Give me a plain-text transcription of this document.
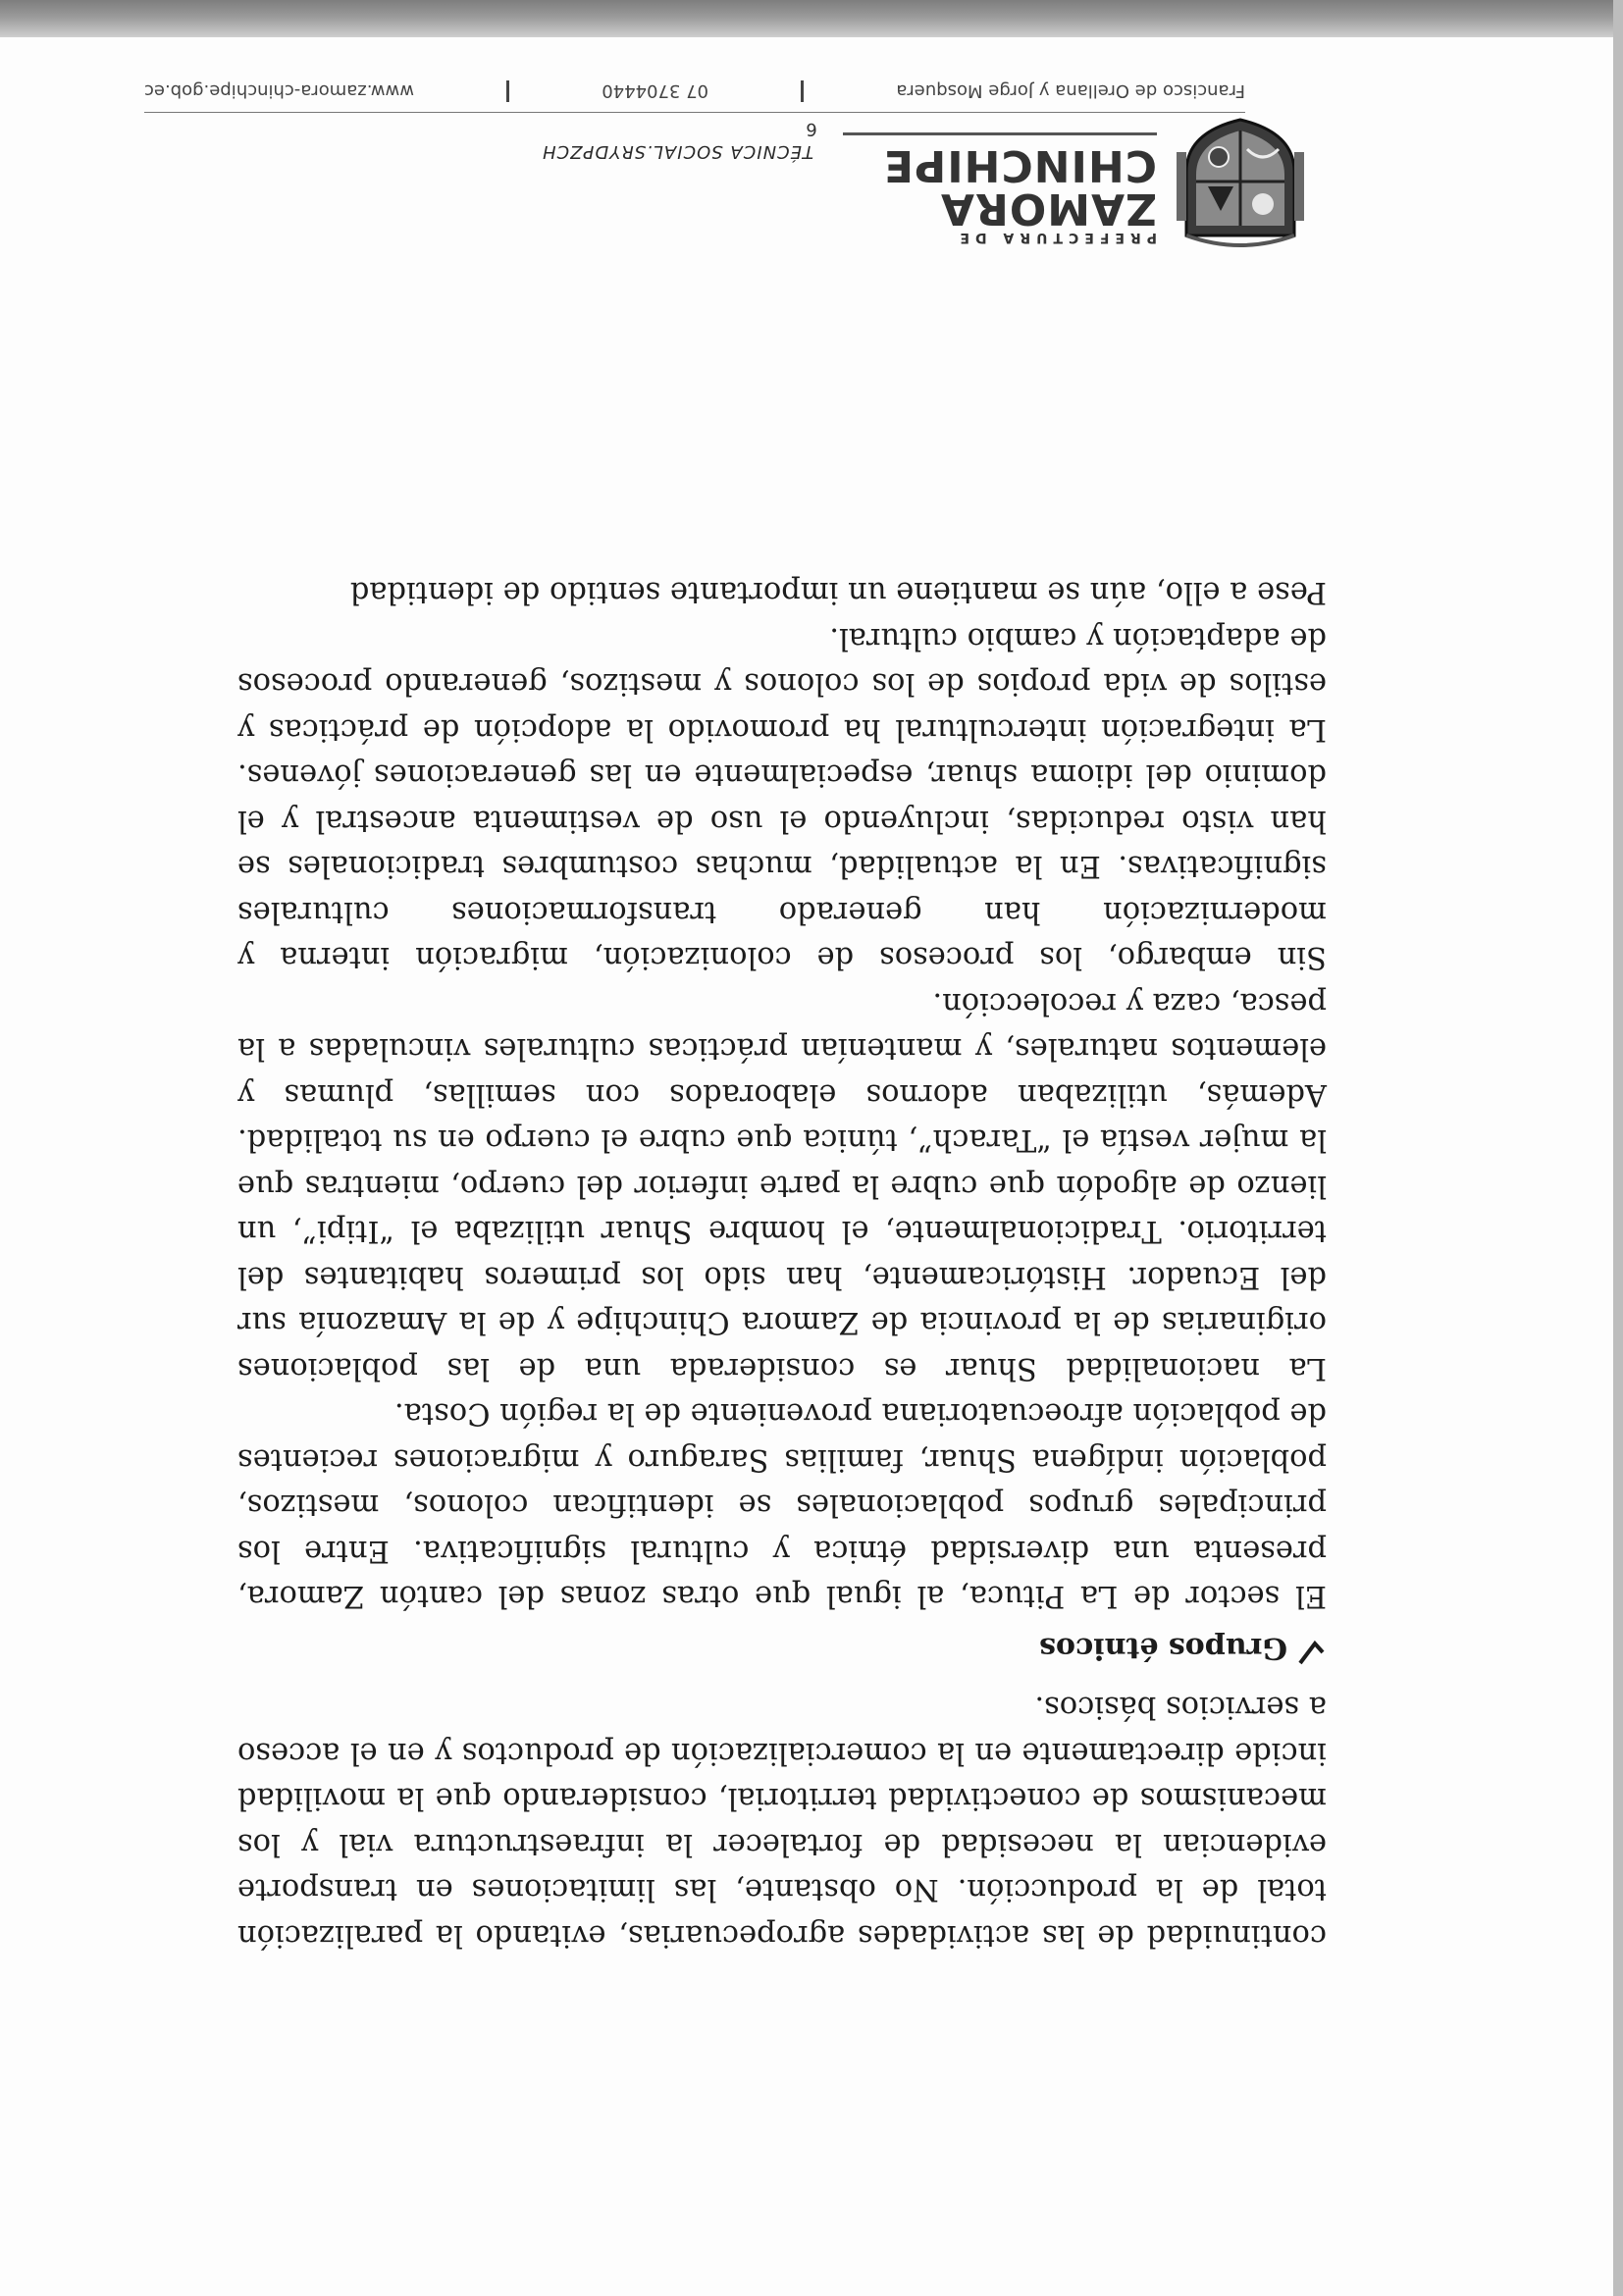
PREFECTURA DE
ZAMORA
CHINCHIPE
TÉCNICA SOCIAL.SRYDPZCH

continuidad de las actividades agropecuarias, evitando la paralización total de la producción. No obstante, las limitaciones en transporte evidencian la necesidad de fortalecer la infraestructura vial y los mecanismos de conectividad territorial, considerando que la movilidad incide directamente en la comercialización de productos y en el acceso a servicios básicos.

Grupos étnicos

El sector de La Pituca, al igual que otras zonas del cantón Zamora, presenta una diversidad étnica y cultural significativa. Entre los principales grupos poblacionales se identifican colonos, mestizos, población indígena Shuar, familias Saraguro y migraciones recientes de población afroecuatoriana proveniente de la región Costa.

La nacionalidad Shuar es considerada una de las poblaciones originarias de la provincia de Zamora Chinchipe y de la Amazonía sur del Ecuador. Históricamente, han sido los primeros habitantes del territorio. Tradicionalmente, el hombre Shuar utilizaba el “Itipi”, un lienzo de algodón que cubre la parte inferior del cuerpo, mientras que la mujer vestía el “Tarach”, túnica que cubre el cuerpo en su totalidad. Además, utilizaban adornos elaborados con semillas, plumas y elementos naturales, y mantenían prácticas culturales vinculadas a la pesca, caza y recolección.

Sin embargo, los procesos de colonización, migración interna y modernización han generado transformaciones culturales significativas. En la actualidad, muchas costumbres tradicionales se han visto reducidas, incluyendo el uso de vestimenta ancestral y el dominio del idioma shuar, especialmente en las generaciones jóvenes. La integración intercultural ha promovido la adopción de prácticas y estilos de vida propios de los colonos y mestizos, generando procesos de adaptación y cambio cultural.

Pese a ello, aún se mantiene un importante sentido de identidad

6
Francisco de Orellana y Jorge Mosquera
07 3704440
www.zamora-chinchipe.gob.ec
